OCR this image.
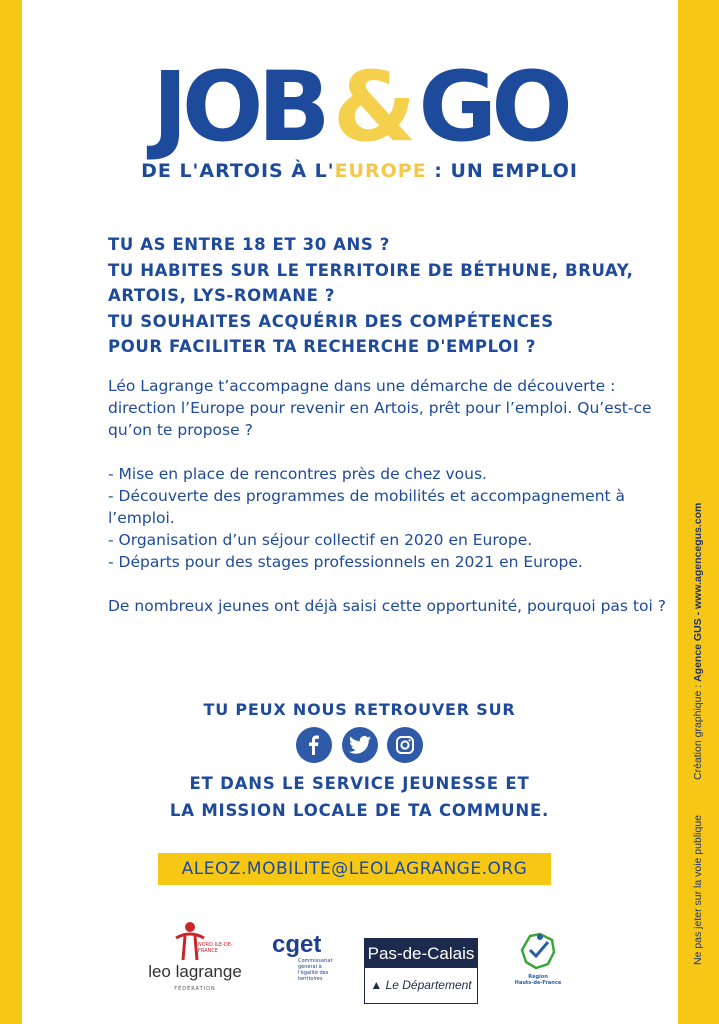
Création graphique : Agence GUS - www.agencegus.com
Ne pas jeter sur la voie publique
JOB&GO
DE L'ARTOIS À L'EUROPE : UN EMPLOI
TU AS ENTRE 18 ET 30 ANS ?
TU HABITES SUR LE TERRITOIRE DE BÉTHUNE, BRUAY,
ARTOIS, LYS-ROMANE ?
TU SOUHAITES ACQUÉRIR DES COMPÉTENCES
POUR FACILITER TA RECHERCHE D'EMPLOI ?

Léo Lagrange t’accompagne dans une démarche de découverte : direction l’Europe pour revenir en Artois, prêt pour l’emploi. Qu’est-ce qu’on te propose ?

- Mise en place de rencontres près de chez vous.

- Découverte des programmes de mobilités et accompagnement à l’emploi.

- Organisation d’un séjour collectif en 2020 en Europe.

- Départs pour des stages professionnels en 2021 en Europe.

De nombreux jeunes ont déjà saisi cette opportunité, pourquoi pas toi ?

TU PEUX NOUS RETROUVER SUR

ET DANS LE SERVICE JEUNESSE ET
LA MISSION LOCALE DE TA COMMUNE.
ALEOZ.MOBILITE@LEOLAGRANGE.ORG
NORD ILE-DE-FRANCE
leo lagrange
FÉDÉRATION
cget
Commissariat général à l'égalité des territoires
Pas-de-Calais
▲ Le Département
Région
Hauts-de-France
